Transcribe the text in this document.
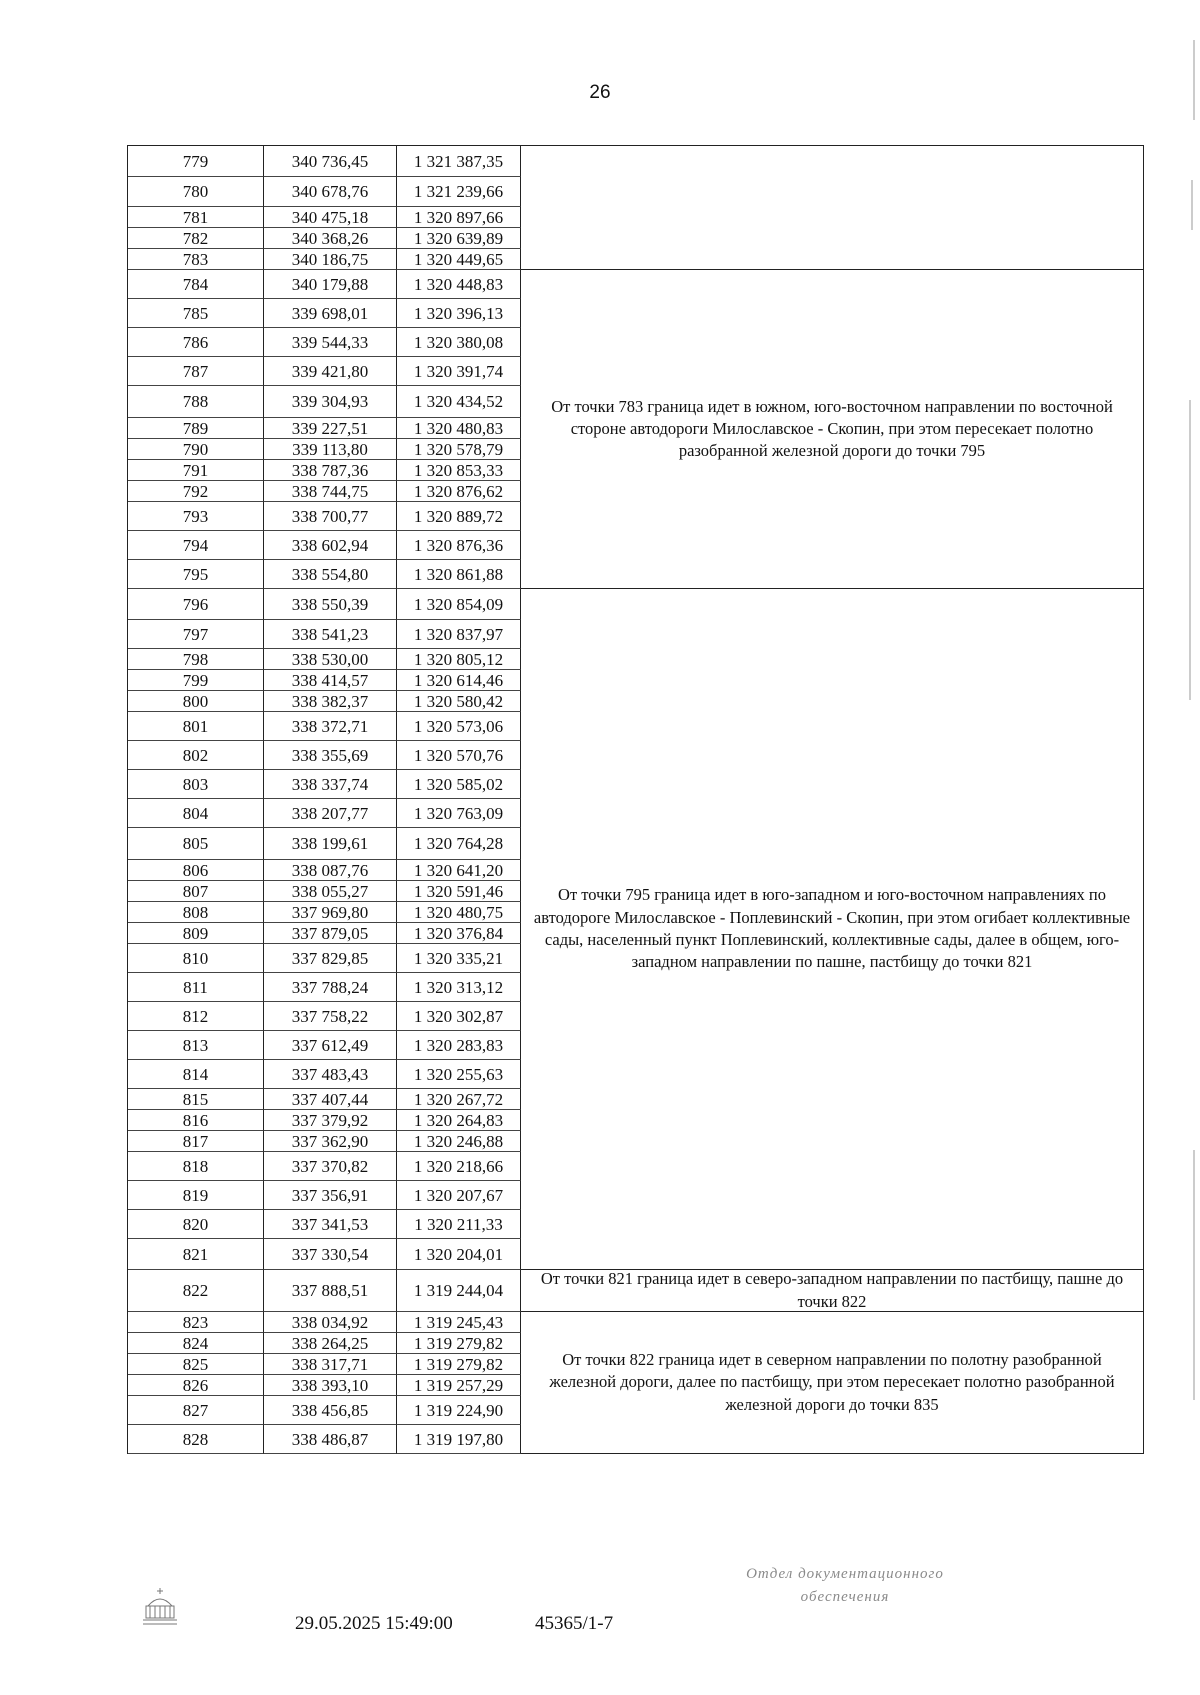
26
779	340 736,45	1 321 387,35
780	340 678,76	1 321 239,66
781	340 475,18	1 320 897,66
782	340 368,26	1 320 639,89
783	340 186,75	1 320 449,65
784	340 179,88	1 320 448,83
От точки 783 граница идет в южном, юго-восточном направлении по восточной стороне автодороги Милославское - Скопин, при этом пересекает полотно разобранной железной дороги до точки 795
785	339 698,01	1 320 396,13
786	339 544,33	1 320 380,08
787	339 421,80	1 320 391,74
788	339 304,93	1 320 434,52
789	339 227,51	1 320 480,83
790	339 113,80	1 320 578,79
791	338 787,36	1 320 853,33
792	338 744,75	1 320 876,62
793	338 700,77	1 320 889,72
794	338 602,94	1 320 876,36
795	338 554,80	1 320 861,88
796	338 550,39	1 320 854,09
От точки 795 граница идет в юго-западном и юго-восточном направлениях по автодороге Милославское - Поплевинский - Скопин, при этом огибает коллективные сады, населенный пункт Поплевинский, коллективные сады, далее в общем, юго-западном направлении по пашне, пастбищу до точки 821
797	338 541,23	1 320 837,97
798	338 530,00	1 320 805,12
799	338 414,57	1 320 614,46
800	338 382,37	1 320 580,42
801	338 372,71	1 320 573,06
802	338 355,69	1 320 570,76
803	338 337,74	1 320 585,02
804	338 207,77	1 320 763,09
805	338 199,61	1 320 764,28
806	338 087,76	1 320 641,20
807	338 055,27	1 320 591,46
808	337 969,80	1 320 480,75
809	337 879,05	1 320 376,84
810	337 829,85	1 320 335,21
811	337 788,24	1 320 313,12
812	337 758,22	1 320 302,87
813	337 612,49	1 320 283,83
814	337 483,43	1 320 255,63
815	337 407,44	1 320 267,72
816	337 379,92	1 320 264,83
817	337 362,90	1 320 246,88
818	337 370,82	1 320 218,66
819	337 356,91	1 320 207,67
820	337 341,53	1 320 211,33
821	337 330,54	1 320 204,01
822	337 888,51	1 319 244,04
От точки 821 граница идет в северо-западном направлении по пастбищу, пашне до точки 822
823	338 034,92	1 319 245,43
От точки 822 граница идет в северном направлении по полотну разобранной железной дороги, далее по пастбищу, при этом пересекает полотно разобранной железной дороги до точки 835
824	338 264,25	1 319 279,82
825	338 317,71	1 319 279,82
826	338 393,10	1 319 257,29
827	338 456,85	1 319 224,90
828	338 486,87	1 319 197,80
Отдел документационного
обеспечения
29.05.2025 15:49:00	45365/1-7
